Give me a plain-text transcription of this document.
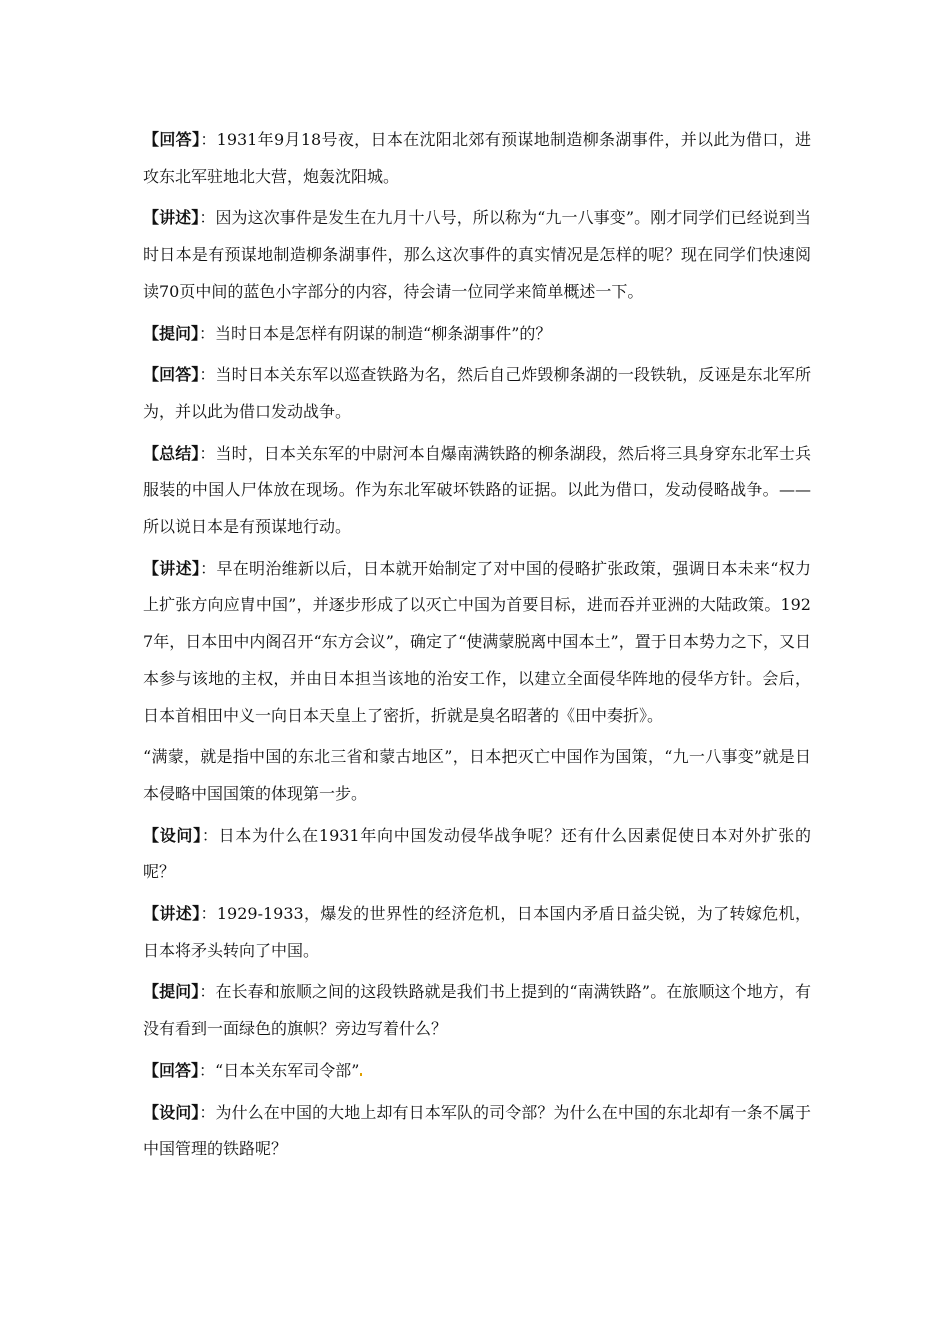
【回答】：1931年9月18号夜，日本在沈阳北郊有预谋地制造柳条湖事件，并以此为借口，进攻东北军驻地北大营，炮轰沈阳城。

【讲述】：因为这次事件是发生在九月十八号，所以称为“九一八事变”。刚才同学们已经说到当时日本是有预谋地制造柳条湖事件，那么这次事件的真实情况是怎样的呢？现在同学们快速阅读70页中间的蓝色小字部分的内容，待会请一位同学来简单概述一下。

【提问】：当时日本是怎样有阴谋的制造“柳条湖事件”的？

【回答】：当时日本关东军以巡查铁路为名，然后自己炸毁柳条湖的一段铁轨，反诬是东北军所为，并以此为借口发动战争。

【总结】：当时，日本关东军的中尉河本自爆南满铁路的柳条湖段，然后将三具身穿东北军士兵服装的中国人尸体放在现场。作为东北军破坏铁路的证据。以此为借口，发动侵略战争。——所以说日本是有预谋地行动。

【讲述】：早在明治维新以后，日本就开始制定了对中国的侵略扩张政策，强调日本未来“权力上扩张方向应胄中国”，并逐步形成了以灭亡中国为首要目标，进而吞并亚洲的大陆政策。1927年，日本田中内阁召开“东方会议”，确定了“使满蒙脱离中国本土”，置于日本势力之下，又日本参与该地的主权，并由日本担当该地的治安工作，以建立全面侵华阵地的侵华方针。会后，日本首相田中义一向日本天皇上了密折，折就是臭名昭著的《田中奏折》。

“满蒙，就是指中国的东北三省和蒙古地区”，日本把灭亡中国作为国策，“九一八事变”就是日本侵略中国国策的体现第一步。

【设问】：日本为什么在1931年向中国发动侵华战争呢？还有什么因素促使日本对外扩张的呢？

【讲述】：1929-1933，爆发的世界性的经济危机，日本国内矛盾日益尖锐，为了转嫁危机，日本将矛头转向了中国。

【提问】：在长春和旅顺之间的这段铁路就是我们书上提到的“南满铁路”。在旅顺这个地方，有没有看到一面绿色的旗帜？旁边写着什么？

【回答】：“日本关东军司令部”

【设问】：为什么在中国的大地上却有日本军队的司令部？为什么在中国的东北却有一条不属于中国管理的铁路呢？
